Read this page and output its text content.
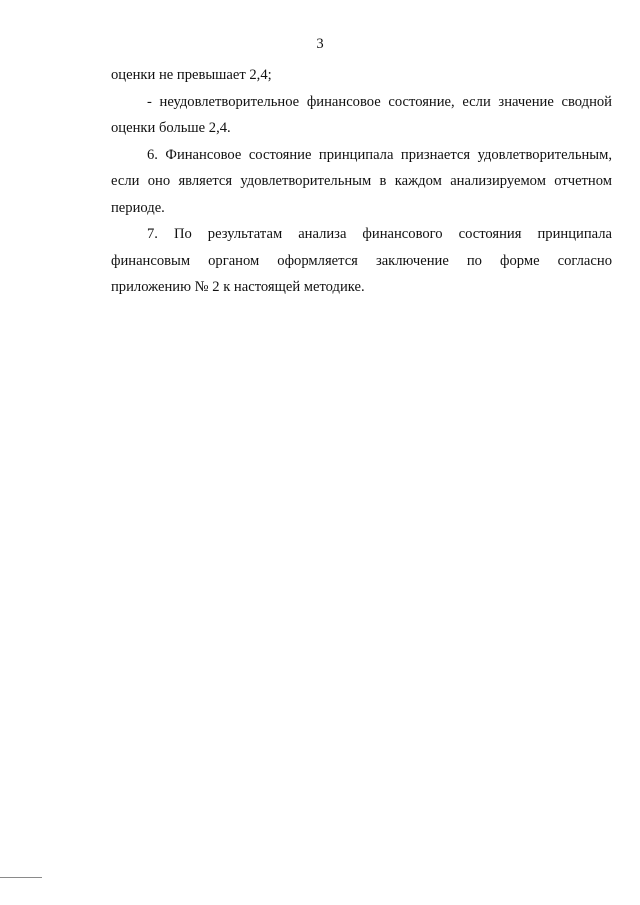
3
оценки не превышает 2,4;
- неудовлетворительное финансовое состояние, если значение сводной
оценки больше 2,4.
6. Финансовое состояние принципала признается удовлетворительным,
если оно является удовлетворительным в каждом анализируемом отчетном
периоде.
7. По результатам анализа финансового состояния принципала
финансовым органом оформляется заключение по форме согласно
приложению № 2 к настоящей методике.
